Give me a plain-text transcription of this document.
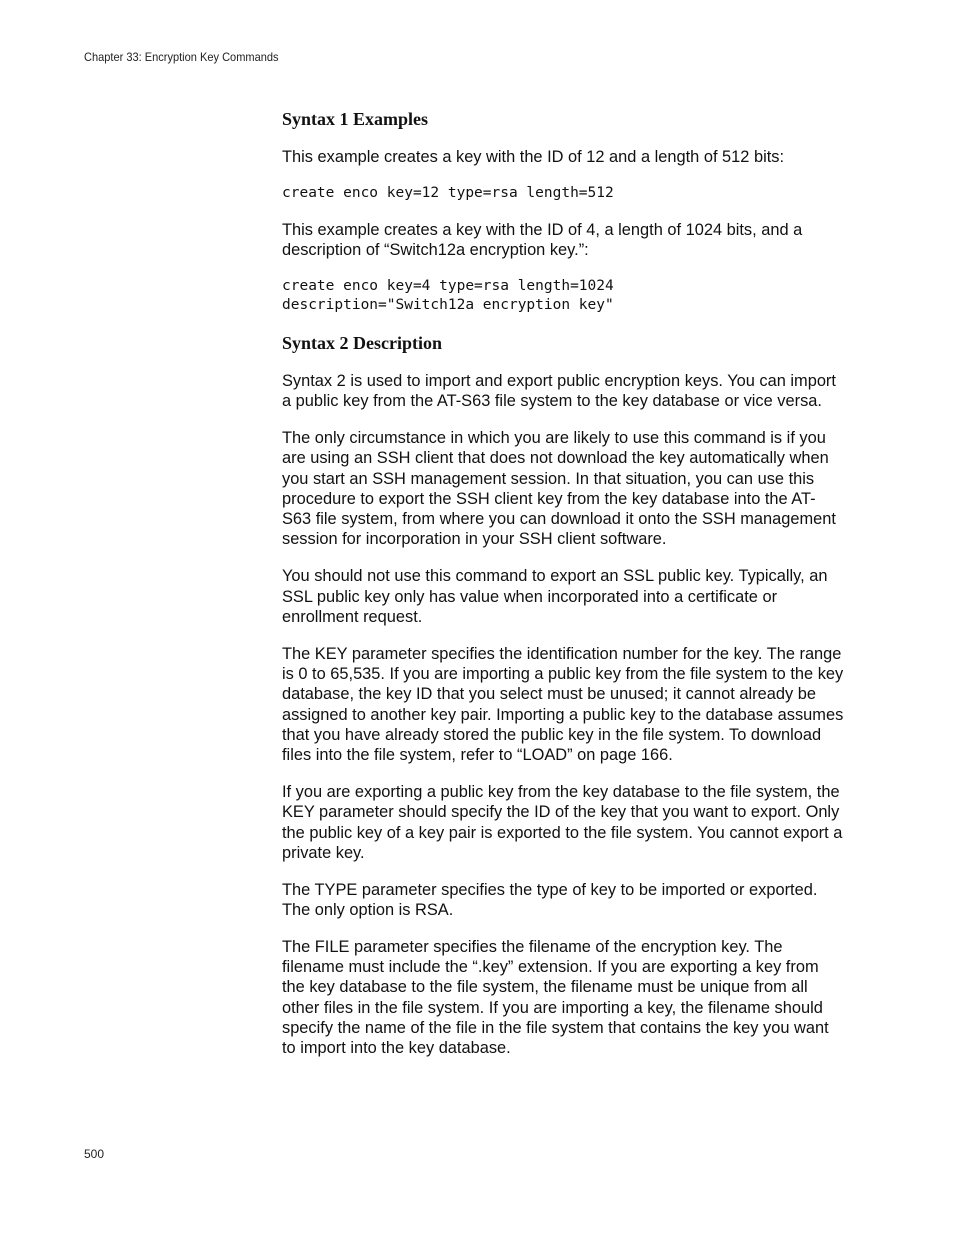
Chapter 33: Encryption Key Commands
Syntax 1 Examples

This example creates a key with the ID of 12 and a length of 512 bits:

create enco key=12 type=rsa length=512

This example creates a key with the ID of 4, a length of 1024 bits, and a description of “Switch12a encryption key.”:

create enco key=4 type=rsa length=1024
description="Switch12a encryption key"
Syntax 2 Description

Syntax 2 is used to import and export public encryption keys. You can import a public key from the AT-S63 file system to the key database or vice versa.

The only circumstance in which you are likely to use this command is if you are using an SSH client that does not download the key automatically when you start an SSH management session. In that situation, you can use this procedure to export the SSH client key from the key database into the AT-S63 file system, from where you can download it onto the SSH management session for incorporation in your SSH client software.

You should not use this command to export an SSL public key. Typically, an SSL public key only has value when incorporated into a certificate or enrollment request.

The KEY parameter specifies the identification number for the key. The range is 0 to 65,535. If you are importing a public key from the file system to the key database, the key ID that you select must be unused; it cannot already be assigned to another key pair. Importing a public key to the database assumes that you have already stored the public key in the file system. To download files into the file system, refer to “LOAD” on page 166.

If you are exporting a public key from the key database to the file system, the KEY parameter should specify the ID of the key that you want to export. Only the public key of a key pair is exported to the file system. You cannot export a private key.

The TYPE parameter specifies the type of key to be imported or exported. The only option is RSA.

The FILE parameter specifies the filename of the encryption key. The filename must include the “.key” extension. If you are exporting a key from the key database to the file system, the filename must be unique from all other files in the file system. If you are importing a key, the filename should specify the name of the file in the file system that contains the key you want to import into the key database.

500
